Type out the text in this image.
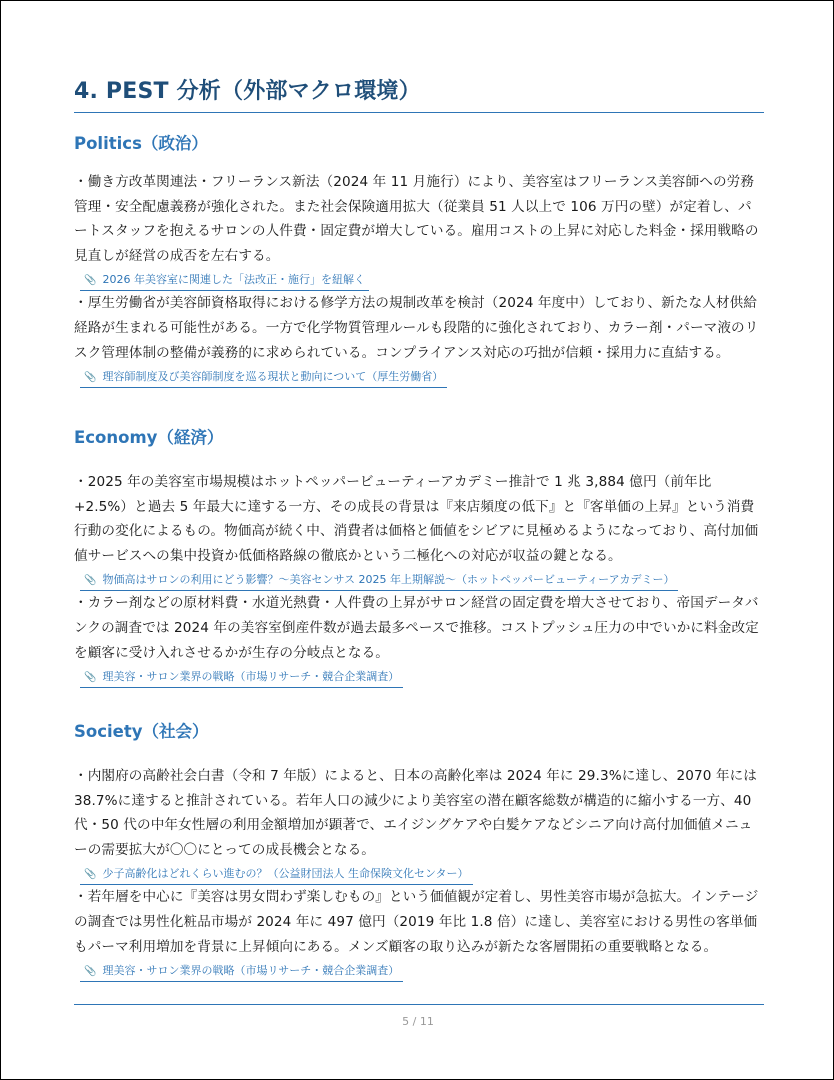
4. PEST 分析（外部マクロ環境）
Politics（政治）

・働き方改革関連法・フリーランス新法（2024 年 11 月施行）により、美容室はフリーランス美容師への労務管理・安全配慮義務が強化された。また社会保険適用拡大（従業員 51 人以上で 106 万円の壁）が定着し、パートスタッフを抱えるサロンの人件費・固定費が増大している。雇用コストの上昇に対応した料金・採用戦略の見直しが経営の成否を左右する。

📎 2026 年美容室に関連した「法改正・施行」を紐解く

・厚生労働省が美容師資格取得における修学方法の規制改革を検討（2024 年度中）しており、新たな人材供給経路が生まれる可能性がある。一方で化学物質管理ルールも段階的に強化されており、カラー剤・パーマ液のリスク管理体制の整備が義務的に求められている。コンプライアンス対応の巧拙が信頼・採用力に直結する。

📎 理容師制度及び美容師制度を巡る現状と動向について（厚生労働省）
Economy（経済）

・2025 年の美容室市場規模はホットペッパービューティーアカデミー推計で 1 兆 3,884 億円（前年比+2.5%）と過去 5 年最大に達する一方、その成長の背景は『来店頻度の低下』と『客単価の上昇』という消費行動の変化によるもの。物価高が続く中、消費者は価格と価値をシビアに見極めるようになっており、高付加価値サービスへの集中投資か低価格路線の徹底かという二極化への対応が収益の鍵となる。

📎 物価高はサロンの利用にどう影響？〜美容センサス 2025 年上期解説〜（ホットペッパービューティーアカデミー）

・カラー剤などの原材料費・水道光熱費・人件費の上昇がサロン経営の固定費を増大させており、帝国データバンクの調査では 2024 年の美容室倒産件数が過去最多ペースで推移。コストプッシュ圧力の中でいかに料金改定を顧客に受け入れさせるかが生存の分岐点となる。

📎 理美容・サロン業界の戦略（市場リサーチ・競合企業調査）
Society（社会）

・内閣府の高齢社会白書（令和 7 年版）によると、日本の高齢化率は 2024 年に 29.3%に達し、2070 年には 38.7%に達すると推計されている。若年人口の減少により美容室の潜在顧客総数が構造的に縮小する一方、40 代・50 代の中年女性層の利用金額増加が顕著で、エイジングケアや白髪ケアなどシニア向け高付加価値メニューの需要拡大が〇〇にとっての成長機会となる。

📎 少子高齢化はどれくらい進むの？（公益財団法人 生命保険文化センター）

・若年層を中心に『美容は男女問わず楽しむもの』という価値観が定着し、男性美容市場が急拡大。インテージの調査では男性化粧品市場が 2024 年に 497 億円（2019 年比 1.8 倍）に達し、美容室における男性の客単価もパーマ利用増加を背景に上昇傾向にある。メンズ顧客の取り込みが新たな客層開拓の重要戦略となる。

📎 理美容・サロン業界の戦略（市場リサーチ・競合企業調査）
5 / 11
